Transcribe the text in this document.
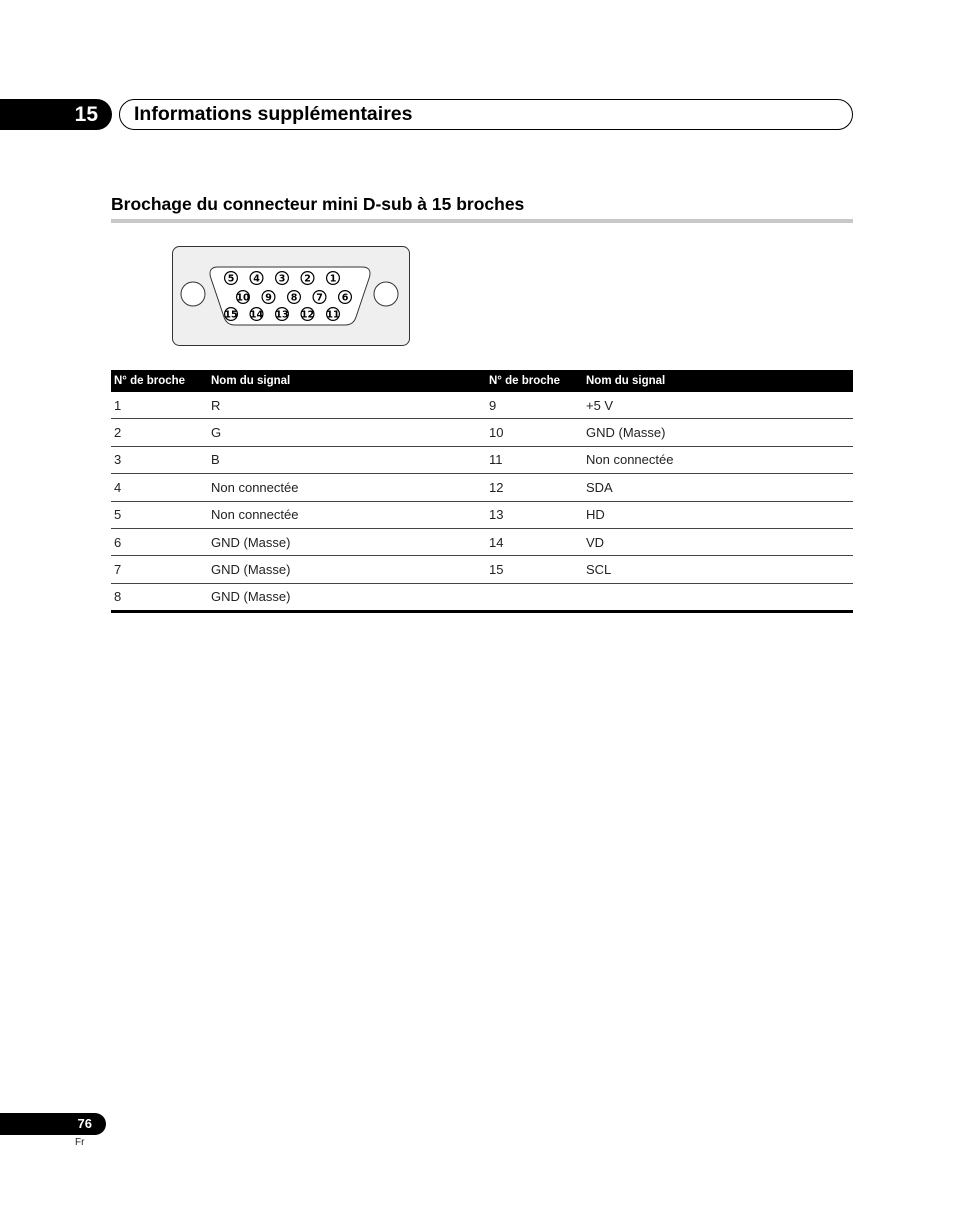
15 Informations supplémentaires
Brochage du connecteur mini D-sub à 15 broches
5 4 3 2 1
10 9 8 7 6
15 14 13 12 11
N° de broche	Nom du signal	N° de broche	Nom du signal
1	R	9	+5 V
2	G	10	GND (Masse)
3	B	11	Non connectée
4	Non connectée	12	SDA
5	Non connectée	13	HD
6	GND (Masse)	14	VD
7	GND (Masse)	15	SCL
8	GND (Masse)		
76
Fr
